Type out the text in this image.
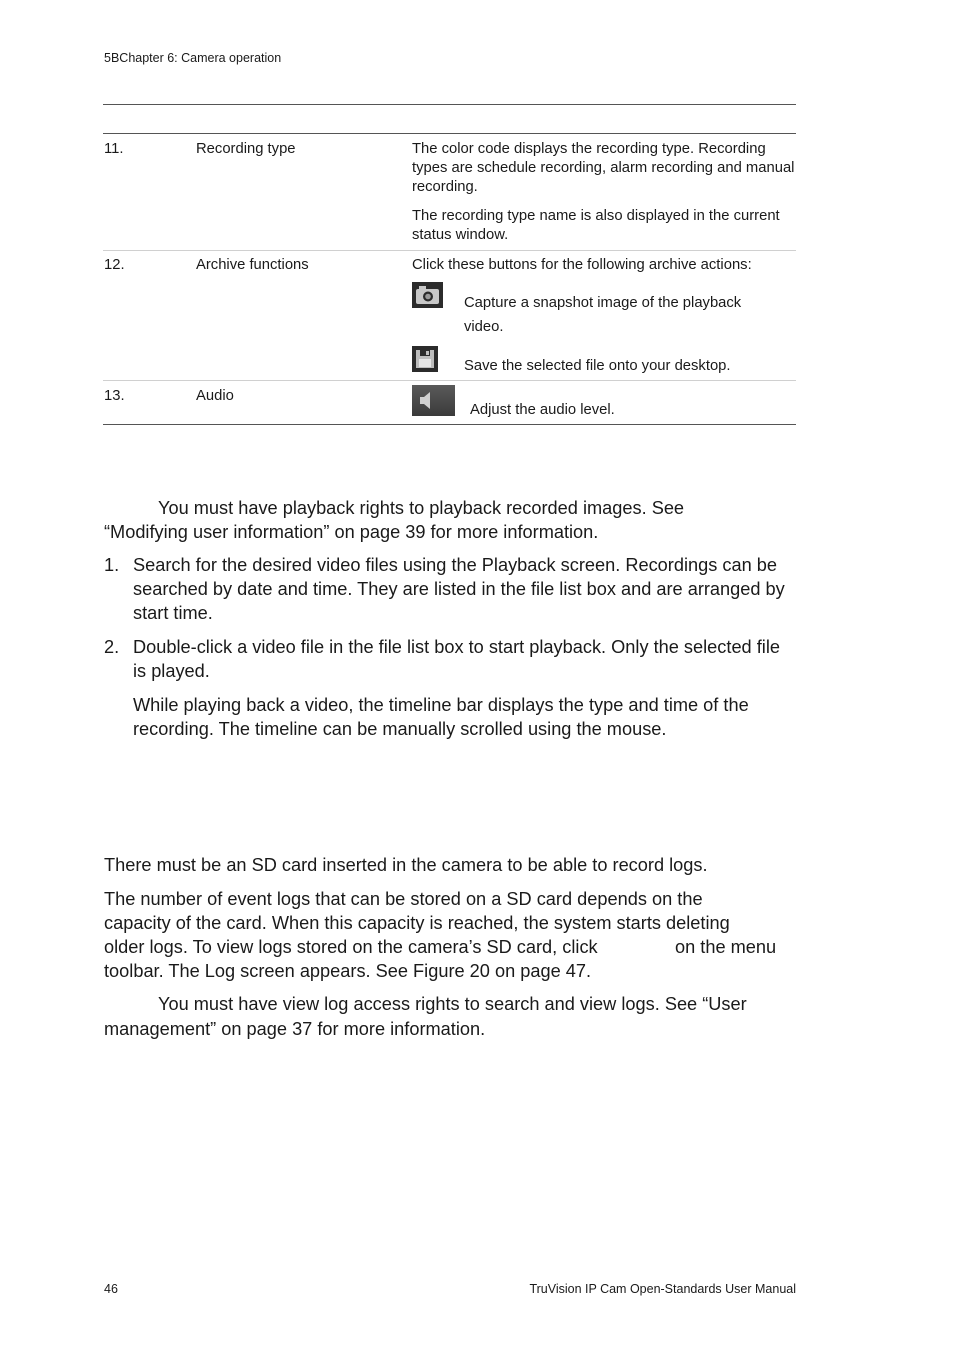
5BChapter 6: Camera operation
11.	Recording type	The color code displays the recording type. Recording types are schedule recording, alarm recording and manual recording.
The recording type name is also displayed in the current status window.
12.	Archive functions	Click these buttons for the following archive actions:
Capture a snapshot image of the playback
video.
Save the selected file onto your desktop.
13.	Audio
Adjust the audio level.
You must have playback rights to playback recorded images. See
“Modifying user information” on page 39 for more information.
1. Search for the desired video files using the Playback screen. Recordings can be searched by date and time. They are listed in the file list box and are arranged by start time.
2. Double-click a video file in the file list box to start playback. Only the selected file is played.
While playing back a video, the timeline bar displays the type and time of the recording. The timeline can be manually scrolled using the mouse.
There must be an SD card inserted in the camera to be able to record logs.
The number of event logs that can be stored on a SD card depends on the
capacity of the card. When this capacity is reached, the system starts deleting
older logs. To view logs stored on the camera’s SD card, click	on the menu
toolbar. The Log screen appears. See Figure 20 on page 47.
You must have view log access rights to search and view logs. See “User
management” on page 37 for more information.
46	TruVision IP Cam Open-Standards User Manual
